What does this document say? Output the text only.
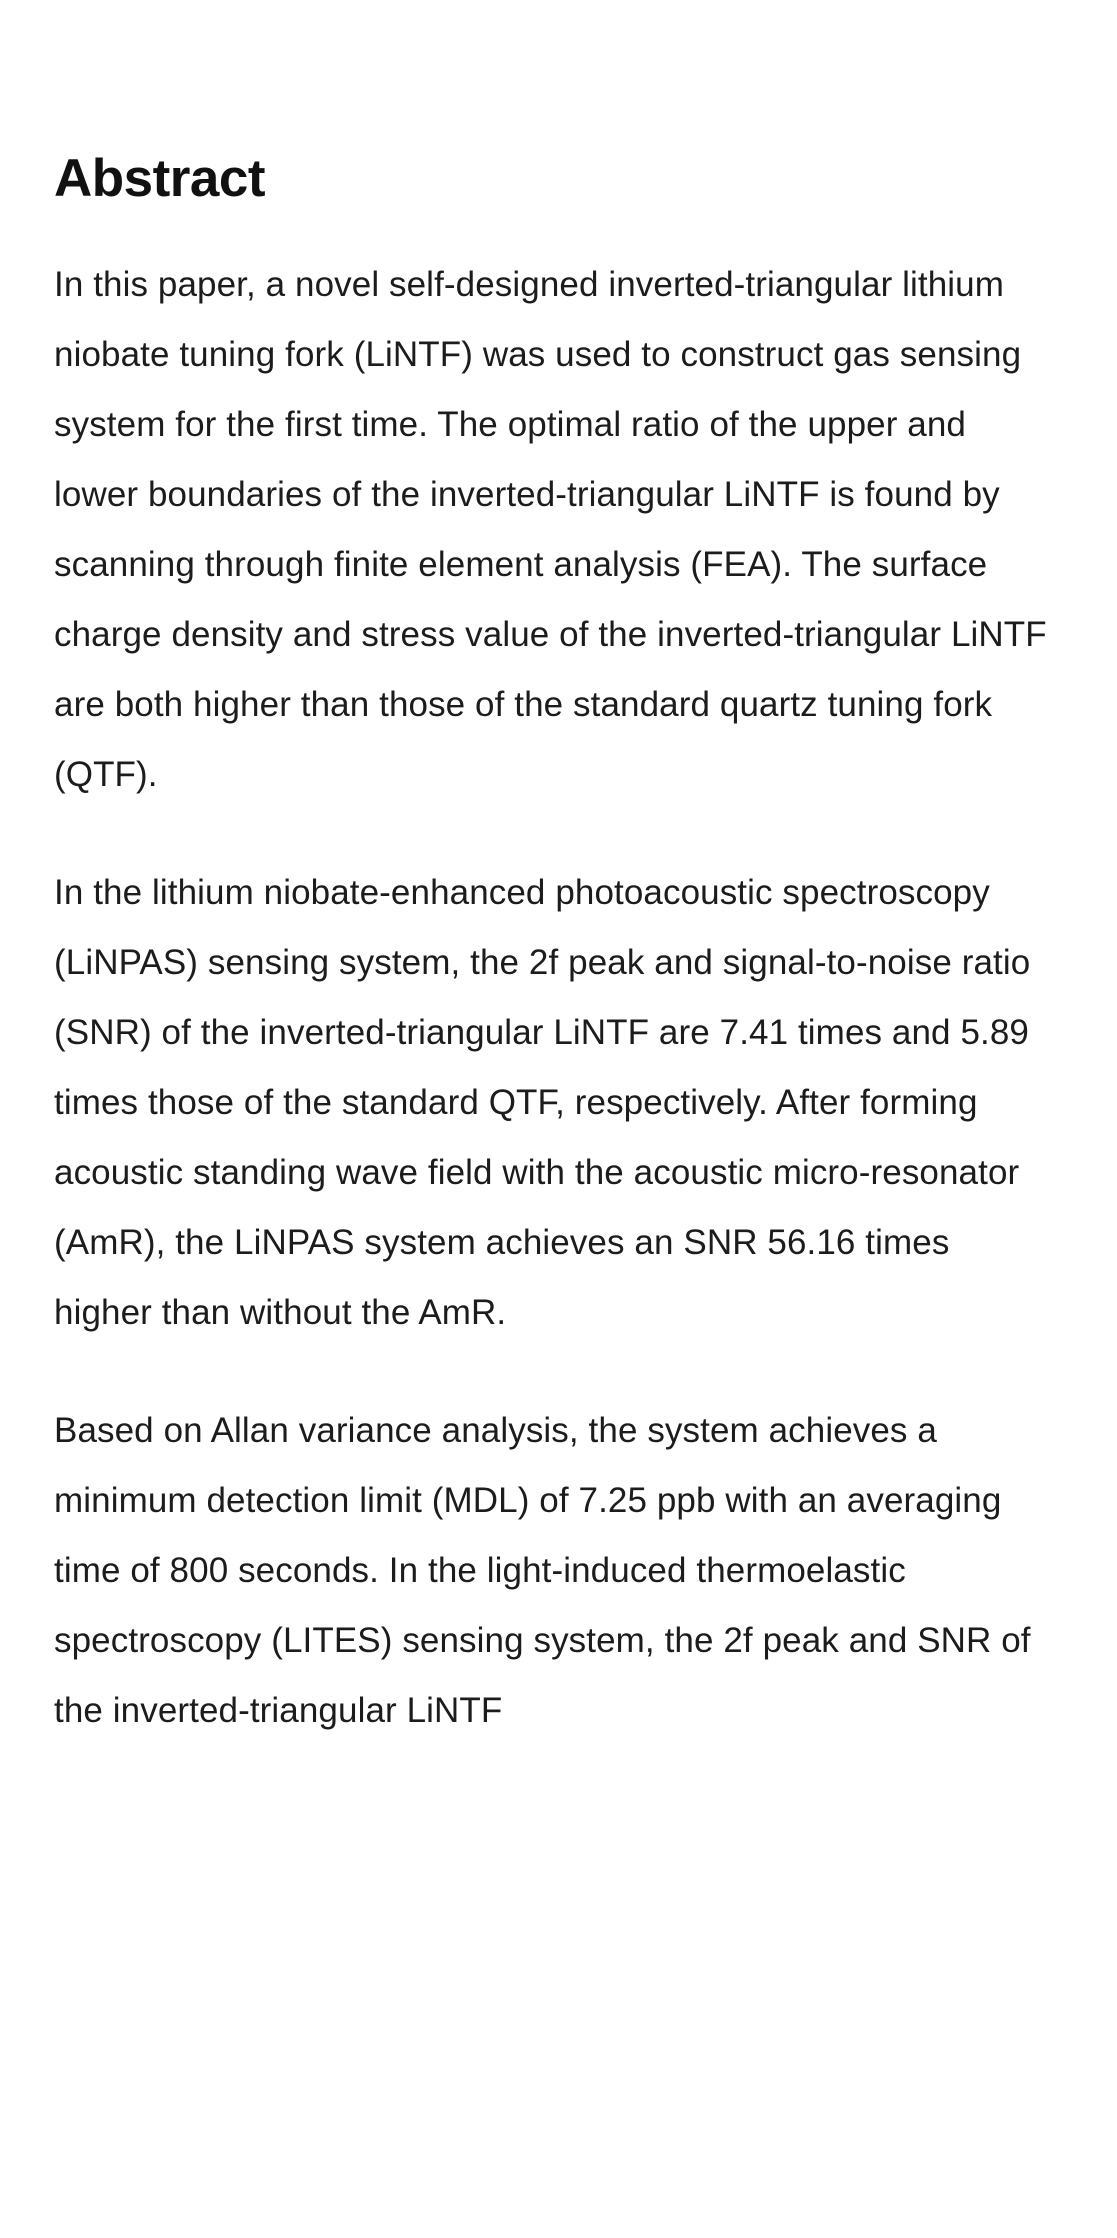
Abstract

In this paper, a novel self-designed inverted-triangular lithium niobate tuning fork (LiNTF) was used to construct gas sensing system for the first time. The optimal ratio of the upper and lower boundaries of the inverted-triangular LiNTF is found by scanning through finite element analysis (FEA). The surface charge density and stress value of the inverted-triangular LiNTF are both higher than those of the standard quartz tuning fork (QTF).

In the lithium niobate-enhanced photoacoustic spectroscopy (LiNPAS) sensing system, the 2f peak and signal-to-noise ratio (SNR) of the inverted-triangular LiNTF are 7.41 times and 5.89 times those of the standard QTF, respectively. After forming acoustic standing wave field with the acoustic micro-resonator (AmR), the LiNPAS system achieves an SNR 56.16 times higher than without the AmR.

Based on Allan variance analysis, the system achieves a minimum detection limit (MDL) of 7.25 ppb with an averaging time of 800 seconds. In the light-induced thermoelastic spectroscopy (LITES) sensing system, the 2f peak and SNR of the inverted-triangular LiNTF
